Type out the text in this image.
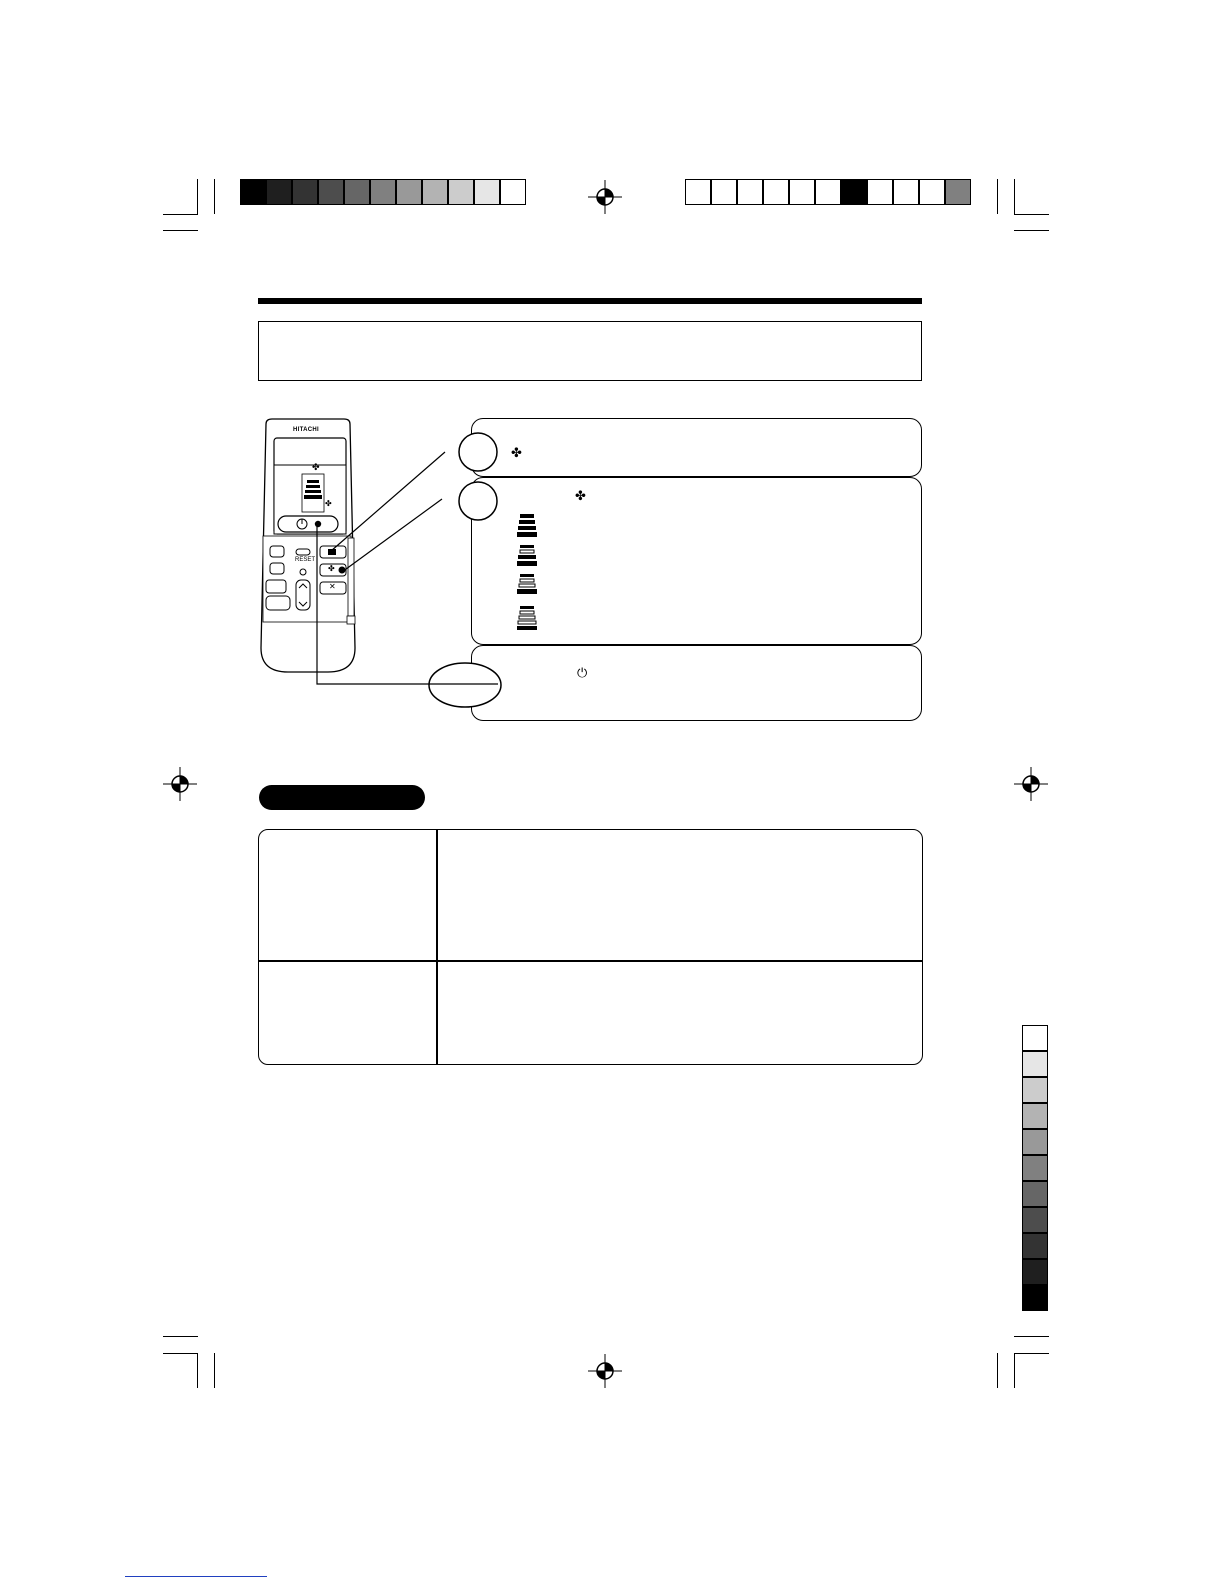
✤
✤
⏻
HITACHI
RESET
✤
✤
✤
✕
